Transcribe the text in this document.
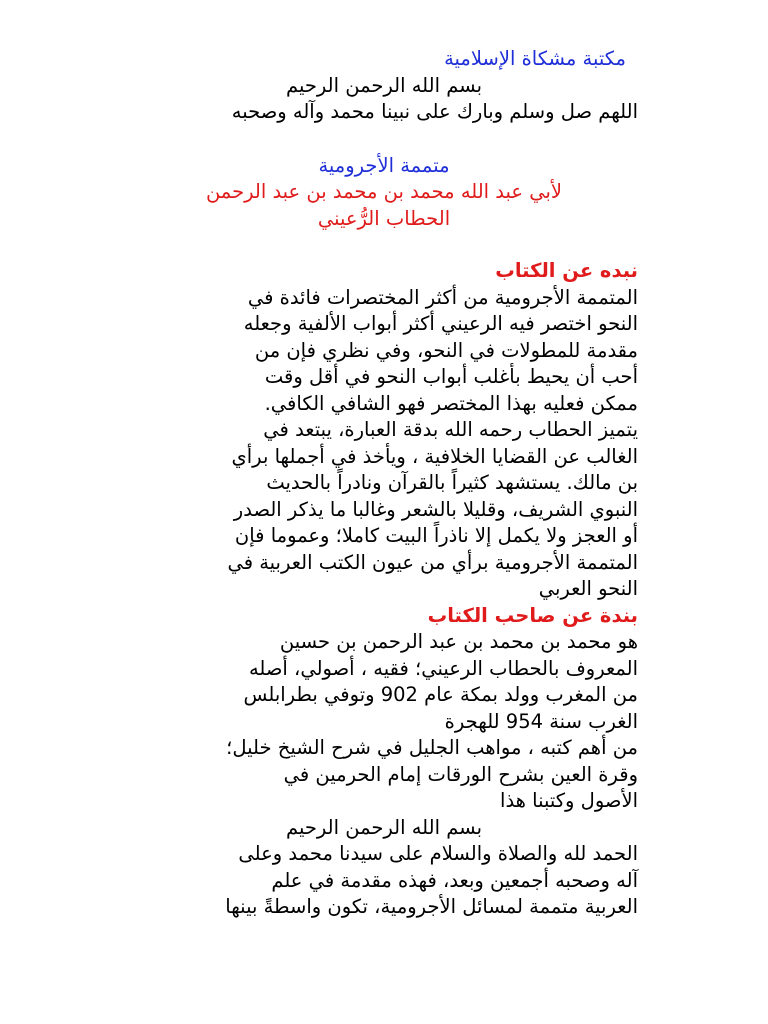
مكتبة مشكاة الإسلامية
بسم الله الرحمن الرحيم
اللهم صل وسلم وبارك على نبينا محمد وآله وصحبه
متممة الأجرومية
لأبي عبد الله محمد بن محمد بن عبد الرحمن
الحطاب الرُّعيني
نبده عن الكتاب
المتممة الأجرومية من أكثر المختصرات فائدة في
النحو اختصر فيه الرعيني أكثر أبواب الألفية وجعله
مقدمة للمطولات في النحو، وفي نظري فإن من
أحب أن يحيط بأغلب أبواب النحو في أقل وقت
ممكن فعليه بهذا المختصر فهو الشافي الكافي.
يتميز الحطاب رحمه الله بدقة العبارة، يبتعد في
الغالب عن القضايا الخلافية ، ويأخذ في أجملها برأي
بن مالك. يستشهد كثيراً بالقرآن ونادراً بالحديث
النبوي الشريف، وقليلا بالشعر وغالبا ما يذكر الصدر
أو العجز ولا يكمل إلا ناذراً البيت كاملا؛ وعموما فإن
المتممة الأجرومية برأي من عيون الكتب العربية في
النحو العربي
بندة عن صاحب الكتاب
هو محمد بن محمد بن عبد الرحمن بن حسين
المعروف بالحطاب الرعيني؛ فقيه ، أصولي، أصله
من المغرب وولد بمكة عام 902 وتوفي بطرابلس
الغرب سنة 954 للهجرة
من أهم كتبه ، مواهب الجليل في شرح الشيخ خليل؛
وقرة العين بشرح الورقات إمام الحرمين في
الأصول وكتبنا هذا
بسم الله الرحمن الرحيم
الحمد لله والصلاة والسلام على سيدنا محمد وعلى
آله وصحبه أجمعين وبعد، فهذه مقدمة في علم
العربية متممة لمسائل الأجرومية، تكون واسطةً بينها
